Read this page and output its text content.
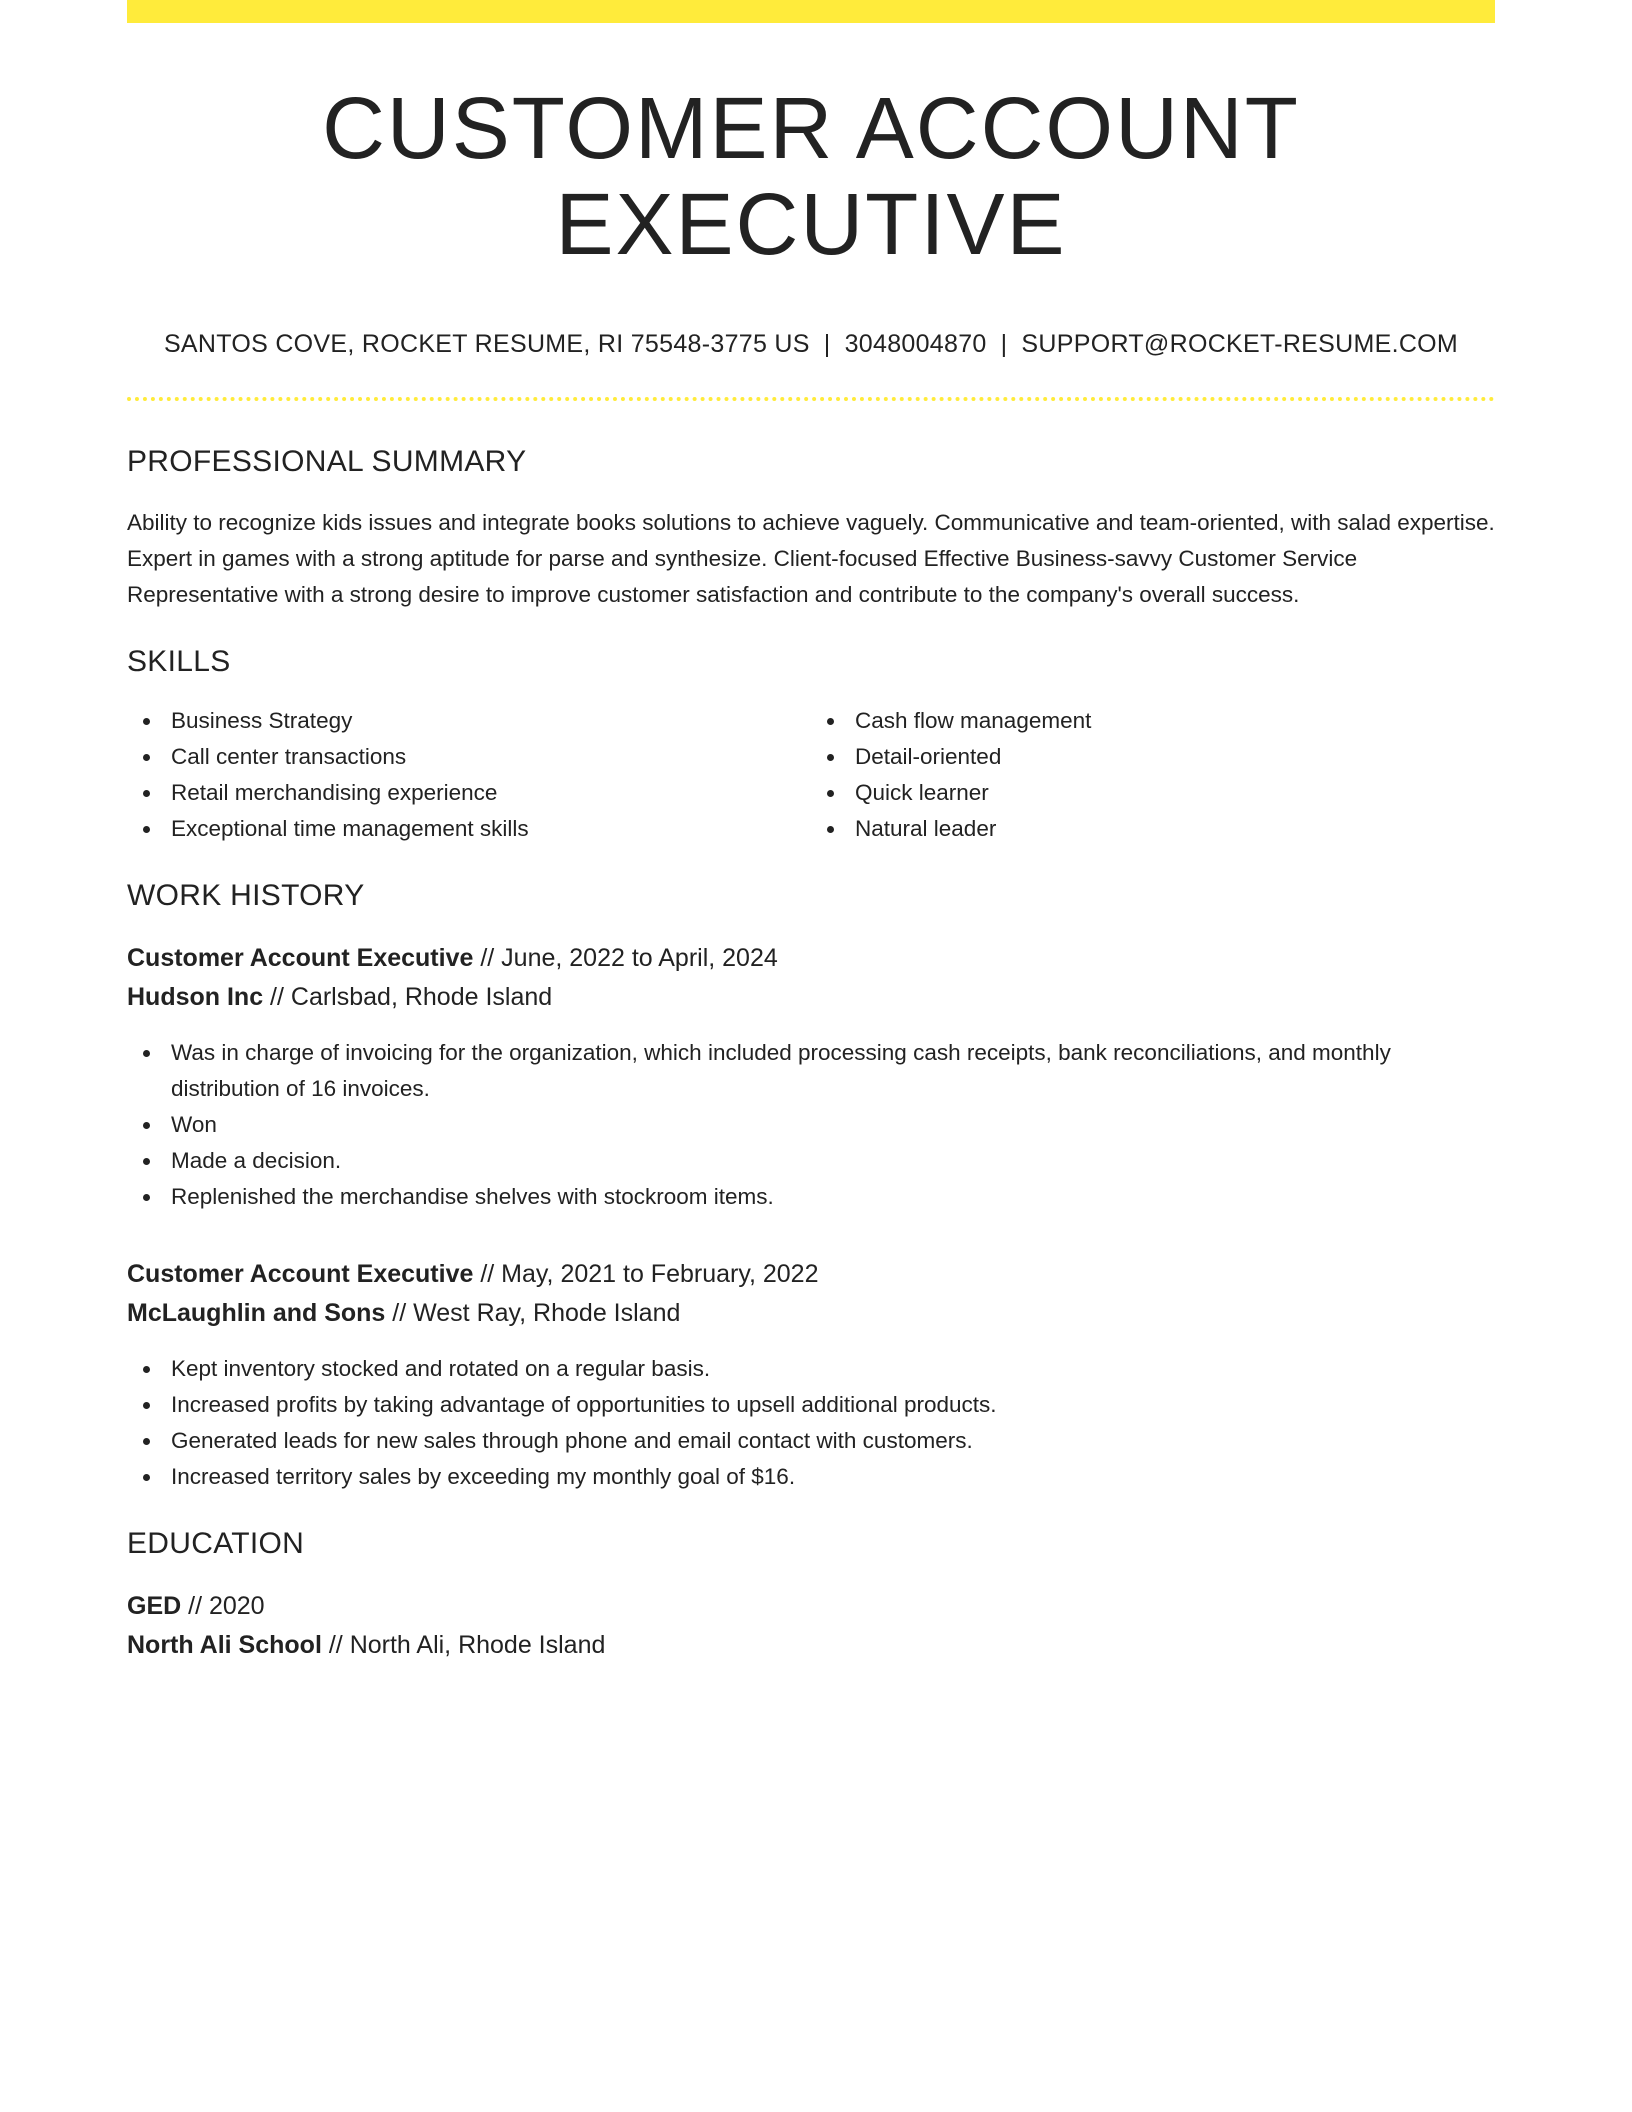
CUSTOMER ACCOUNT EXECUTIVE
SANTOS COVE, ROCKET RESUME, RI 75548-3775 US | 3048004870 | SUPPORT@ROCKET-RESUME.COM
PROFESSIONAL SUMMARY

Ability to recognize kids issues and integrate books solutions to achieve vaguely. Communicative and team-oriented, with salad expertise. Expert in games with a strong aptitude for parse and synthesize. Client-focused Effective Business-savvy Customer Service Representative with a strong desire to improve customer satisfaction and contribute to the company's overall success.

SKILLS
Business Strategy
Call center transactions
Retail merchandising experience
Exceptional time management skills
Cash flow management
Detail-oriented
Quick learner
Natural leader
WORK HISTORY
Customer Account Executive // June, 2022 to April, 2024
Hudson Inc // Carlsbad, Rhode Island
Was in charge of invoicing for the organization, which included processing cash receipts, bank reconciliations, and monthly distribution of 16 invoices.
Won
Made a decision.
Replenished the merchandise shelves with stockroom items.
Customer Account Executive // May, 2021 to February, 2022
McLaughlin and Sons // West Ray, Rhode Island
Kept inventory stocked and rotated on a regular basis.
Increased profits by taking advantage of opportunities to upsell additional products.
Generated leads for new sales through phone and email contact with customers.
Increased territory sales by exceeding my monthly goal of $16.
EDUCATION
GED // 2020
North Ali School // North Ali, Rhode Island
